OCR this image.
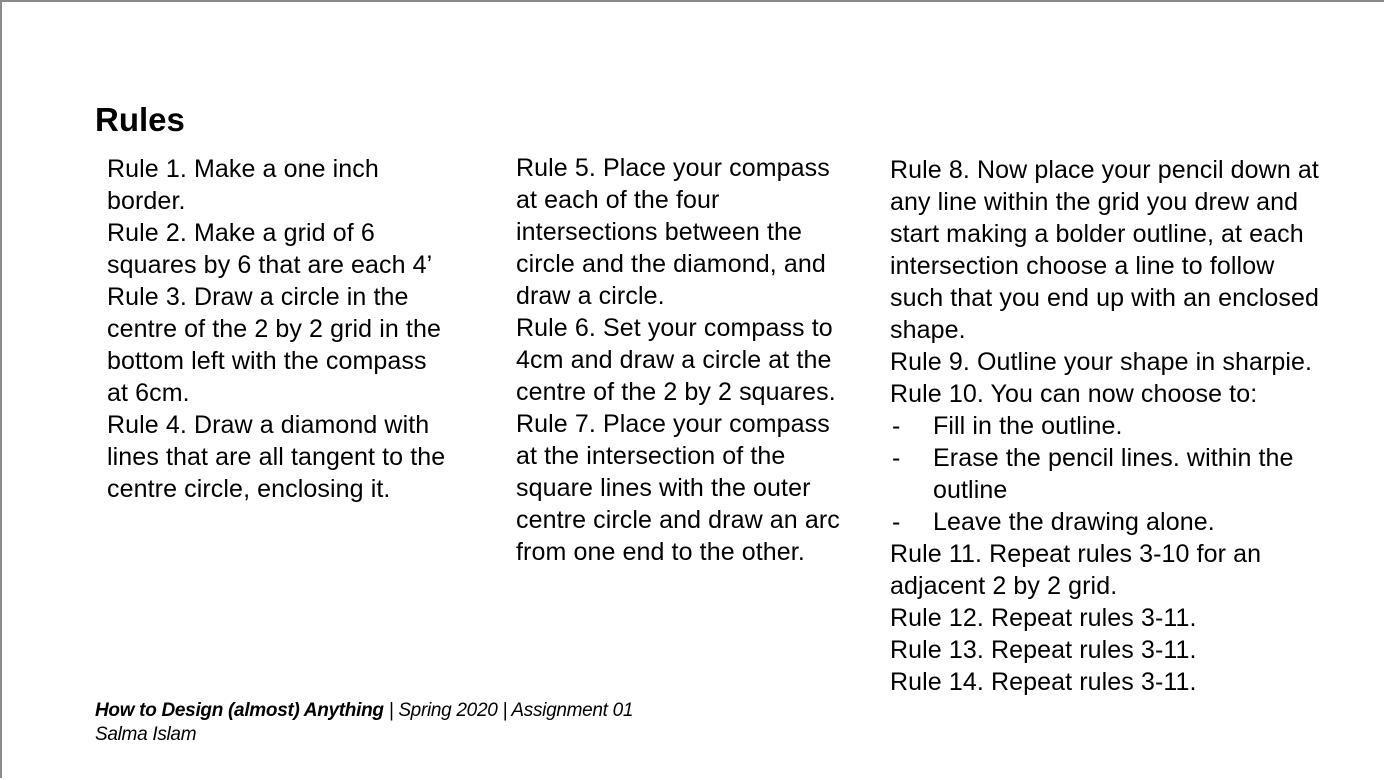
Rules

Rule 1. Make a one inch border.

Rule 2. Make a grid of 6 squares by 6 that are each 4’

Rule 3. Draw a circle in the centre of the 2 by 2 grid in the bottom left with the compass at 6cm.

Rule 4. Draw a diamond with lines that are all tangent to the centre circle, enclosing it.

Rule 5. Place your compass at each of the four intersections between the circle and the diamond, and draw a circle.

Rule 6. Set your compass to 4cm and draw a circle at the centre of the 2 by 2 squares.

Rule 7. Place your compass at the intersection of the square lines with the outer centre circle and draw an arc from one end to the other.

Rule 8. Now place your pencil down at any line within the grid you drew and start making a bolder outline, at each intersection choose a line to follow such that you end up with an enclosed shape.

Rule 9. Outline your shape in sharpie.

Rule 10. You can now choose to:

- Fill in the outline.
- Erase the pencil lines. within the outline
- Leave the drawing alone.

Rule 11. Repeat rules 3-10 for an adjacent 2 by 2 grid.

Rule 12. Repeat rules 3-11.

Rule 13. Repeat rules 3-11.

Rule 14. Repeat rules 3-11.

How to Design (almost) Anything | Spring 2020 | Assignment 01
Salma Islam
